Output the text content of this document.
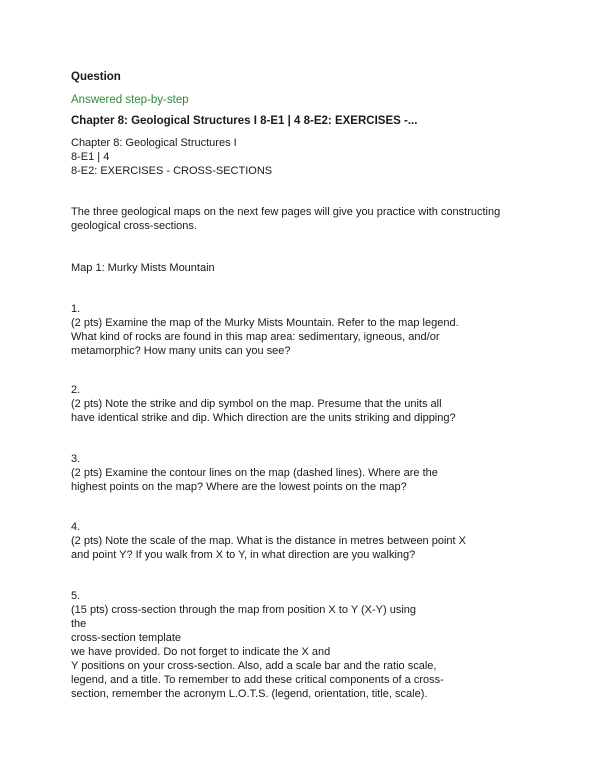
Question

Answered step-by-step

Chapter 8: Geological Structures I 8-E1 | 4 8-E2: EXERCISES -...

Chapter 8: Geological Structures I
8-E1 | 4
8-E2: EXERCISES - CROSS-SECTIONS
The three geological maps on the next few pages will give you practice with constructing
geological cross-sections.

Map 1: Murky Mists Mountain

1.
(2 pts) Examine the map of the Murky Mists Mountain. Refer to the map legend.
What kind of rocks are found in this map area: sedimentary, igneous, and/or
metamorphic? How many units can you see?
2.
(2 pts) Note the strike and dip symbol on the map. Presume that the units all
have identical strike and dip. Which direction are the units striking and dipping?
3.
(2 pts) Examine the contour lines on the map (dashed lines). Where are the
highest points on the map? Where are the lowest points on the map?
4.
(2 pts) Note the scale of the map. What is the distance in metres between point X
and point Y? If you walk from X to Y, in what direction are you walking?
5.
(15 pts) cross-section through the map from position X to Y (X-Y) using
the
cross-section template
we have provided. Do not forget to indicate the X and
Y positions on your cross-section. Also, add a scale bar and the ratio scale,
legend, and a title. To remember to add these critical components of a cross-
section, remember the acronym L.O.T.S. (legend, orientation, title, scale).
